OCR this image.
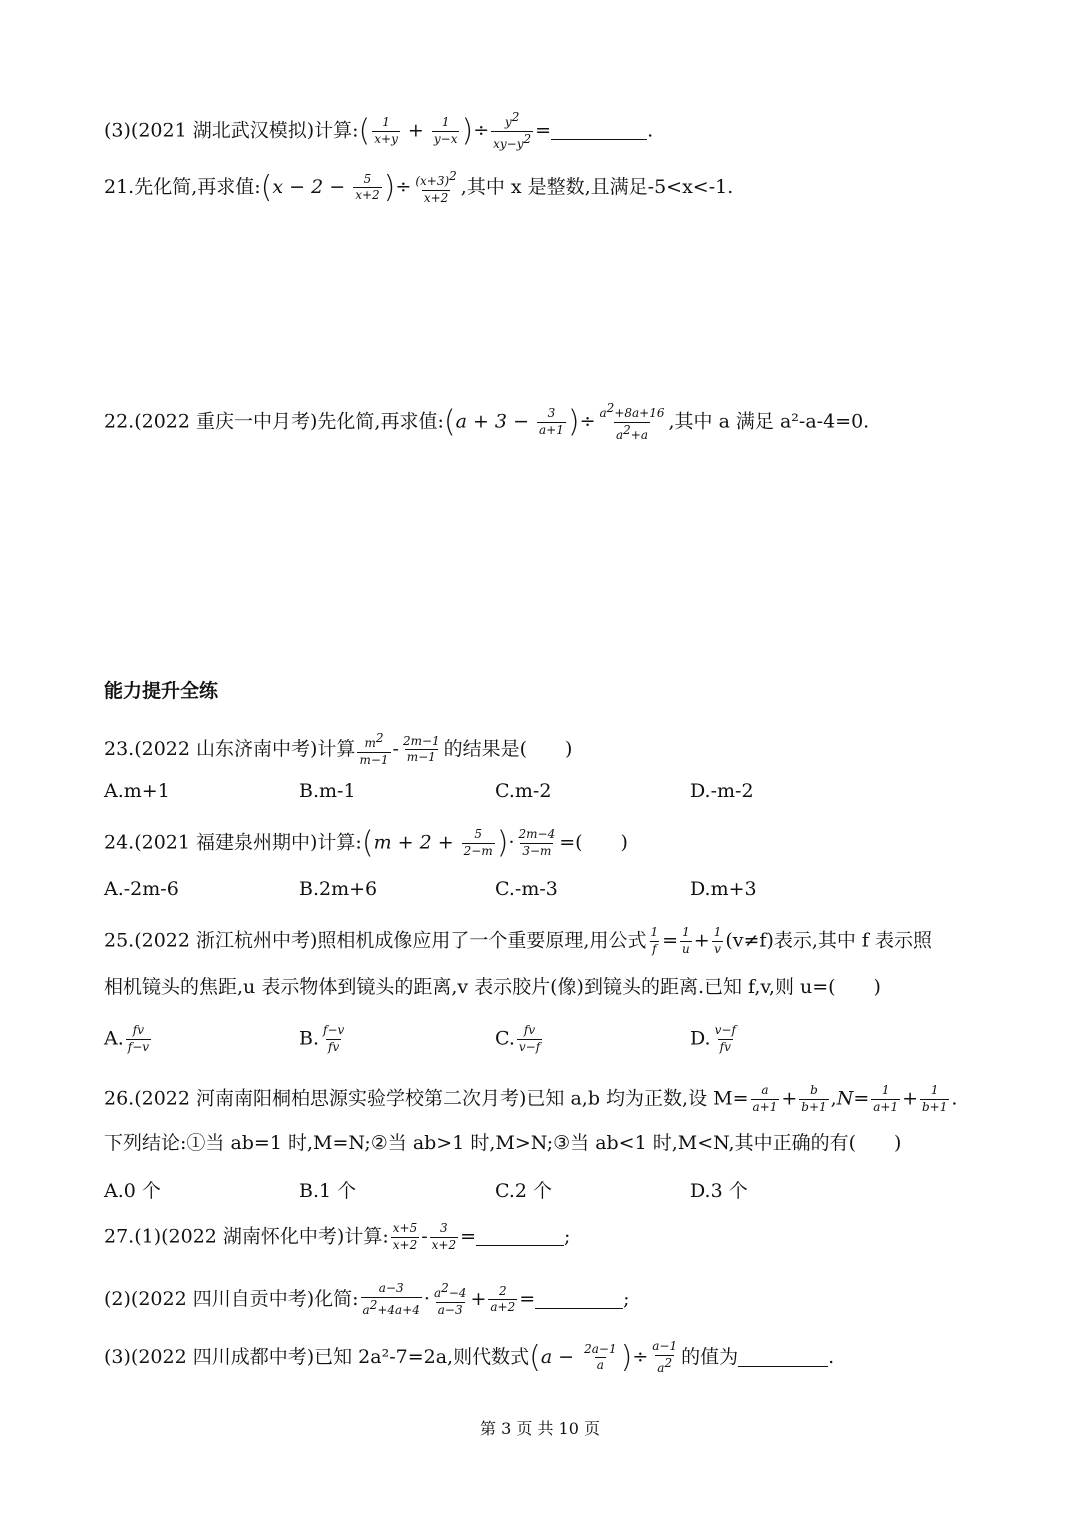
(3)(2021 湖北武汉模拟)计算:( $\frac{1}{x+y} + \frac{1}{y-x}$ )÷ $\frac{y^2}{xy-y^2}$ =	.
21.先化简,再求值:(x − $2 - \frac{5}{x+2}$ )÷ $\frac{(x+3)^2}{x+2}$ ,其中 x 是整数,且满足-5<x<-1.
22.(2022 重庆一中月考)先化简,再求值:(a + $3 - \frac{3}{a+1}$ )÷ $\frac{a^2+8a+16}{a^2+a}$ ,其中 a 满足 a²-a-4=0.
能力提升全练
23.(2022 山东济南中考)计算 $\frac{m^2}{m-1} - \frac{2m-1}{m-1}$ 的结果是(　　)
A.m+1	B.m-1	C.m-2	D.-m-2
24.(2021 福建泉州期中)计算:(m + $2 + \frac{5}{2-m}$ )· $\frac{2m-4}{3-m}$ =(　　)
A.-2m-6	B.2m+6	C.-m-3	D.m+3
25.(2022 浙江杭州中考)照相机成像应用了一个重要原理,用公式 $\frac{1}{f} = \frac{1}{u} + \frac{1}{v} (v\ne f)$表示,其中 f 表示照
相机镜头的焦距,u 表示物体到镜头的距离,v 表示胶片(像)到镜头的距离.已知 f,v,则 u=(　　)
A. $\frac{fv}{f-v}$	B. $\frac{f-v}{fv}$	C. $\frac{fv}{v-f}$	D. $\frac{v-f}{fv}$
26.(2022 河南南阳桐柏思源实验学校第二次月考)已知 a,b 均为正数,设 $M= \frac{a}{a+1} + \frac{b}{b+1} ,N= \frac{1}{a+1} + \frac{1}{b+1}$ .
下列结论:①当 ab=1 时,M=N;②当 ab>1 时,M>N;③当 ab<1 时,M<N,其中正确的有(　　)
A.0 个	B.1 个	C.2 个	D.3 个
27.(1)(2022 湖南怀化中考)计算: $\frac{x+5}{x+2} - \frac{3}{x+2}$ =	;
(2)(2022 四川自贡中考)化简: $\frac{a-3}{a^2+4a+4} \cdot \frac{a^2-4}{a-3} + \frac{2}{a+2}$ =	;
(3)(2022 四川成都中考)已知 2a²-7=2a,则代数式($a - \frac{2a-1}{a}$ )÷ $\frac{a-1}{a^2}$ 的值为	.
第 3 页 共 10 页
